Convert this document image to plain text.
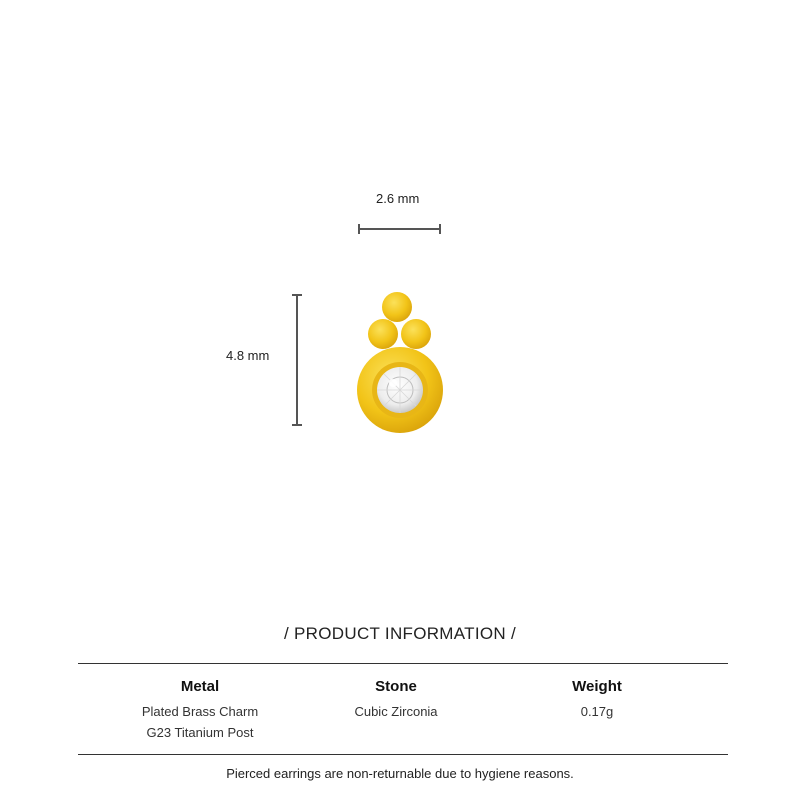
2.6 mm
4.8 mm
/ PRODUCT INFORMATION /
Metal
Plated Brass Charm
G23 Titanium Post
Stone
Cubic Zirconia
Weight
0.17g
Pierced earrings are non-returnable due to hygiene reasons.
